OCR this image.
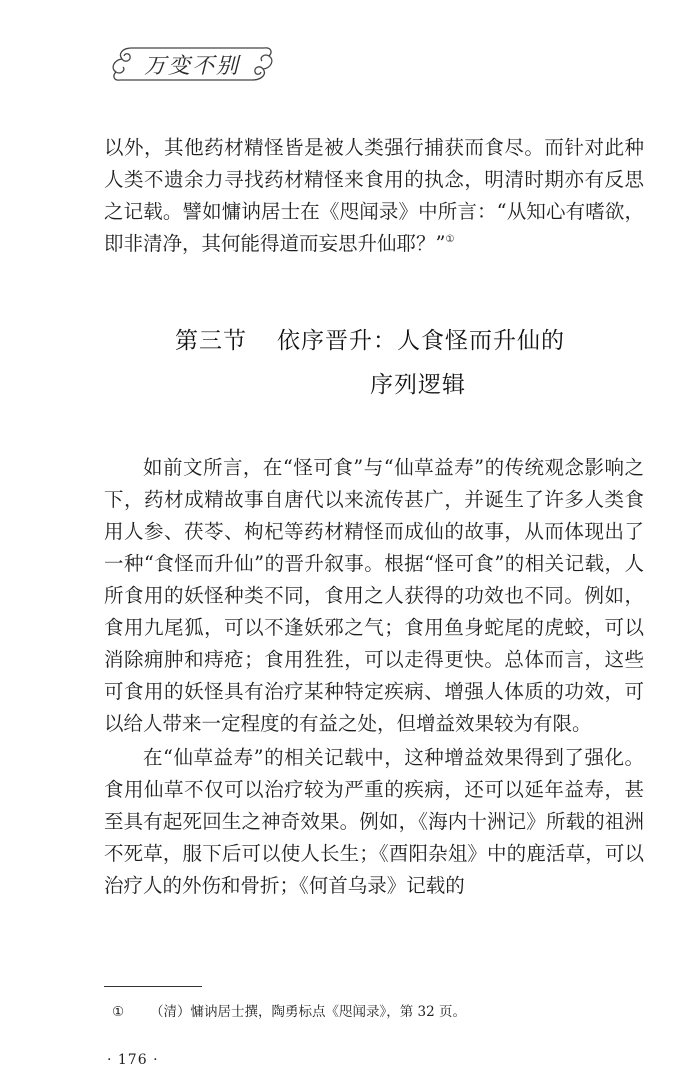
万变不别

以外，其他药材精怪皆是被人类强行捕获而食尽。而针对此种人类不遗余力寻找药材精怪来食用的执念，明清时期亦有反思之记载。譬如慵讷居士在《咫闻录》中所言：“从知心有嗜欲，即非清净，其何能得道而妄思升仙耶？”①

第三节 依序晋升：人食怪而升仙的
序列逻辑

如前文所言，在“怪可食”与“仙草益寿”的传统观念影响之下，药材成精故事自唐代以来流传甚广，并诞生了许多人类食用人参、茯苓、枸杞等药材精怪而成仙的故事，从而体现出了一种“食怪而升仙”的晋升叙事。根据“怪可食”的相关记载，人所食用的妖怪种类不同，食用之人获得的功效也不同。例如，食用九尾狐，可以不逢妖邪之气；食用鱼身蛇尾的虎蛟，可以消除痈肿和痔疮；食用狌狌，可以走得更快。总体而言，这些可食用的妖怪具有治疗某种特定疾病、增强人体质的功效，可以给人带来一定程度的有益之处，但增益效果较为有限。

在“仙草益寿”的相关记载中，这种增益效果得到了强化。食用仙草不仅可以治疗较为严重的疾病，还可以延年益寿，甚至具有起死回生之神奇效果。例如，《海内十洲记》所载的祖洲不死草，服下后可以使人长生；《酉阳杂俎》中的鹿活草，可以治疗人的外伤和骨折；《何首乌录》记载的

① （清）慵讷居士撰，陶勇标点《咫闻录》，第 32 页。
· 176 ·
